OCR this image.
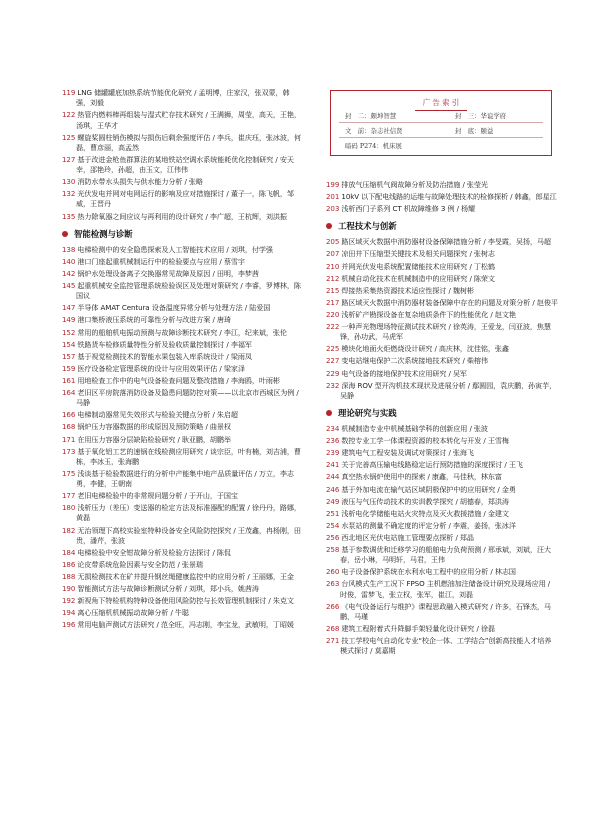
119 LNG 储罐罐底加热系统节能优化研究 / 孟明博，庄家汉，张双蒙，韩强，刘毅
122 热管内燃料棒再组装与湿式贮存技术研究 / 王满狮，周莹，高天，王艳，汤琪，王华才
125 螺旋桨圆柱销伤模拟与损伤后剩余强度评估 / 李兵，崔庆珏，张冰波，何磊，曹彦丽，高孟然
127 基于改进金枪鱼群算法的某地铁站空调水系统能耗优化控制研究 / 安天幸，邵艳玲，孙超，由玉文，江伟伟
130 消防水带水头损失与供水能力分析 / 张略
132 光伏发电并网对电网运行的影响及应对措施探讨 / 董子一，陈飞帆，邹威，王晋丹
135 热力除氧器之间应议与再利用的设计研究 / 李广超，王杭辉，刘洪振
智能检测与诊断
138 电梯检测中的安全隐患探索及人工智能技术应用 / 刘琪，付学强
140 港口门座起重机械制运行中的检验要点与应用 / 蔡雪宇
142 锅炉水处理设备离子交换器常见故障及原因 / 田明，李梦茜
145 起重机械安全监控管理系统检验误区及处理对策研究 / 李睿，罗博林，陈国议
147 半导体 AMAT Centura 设备温度异常分析与处理方法 / 陆爱国
149 港口集桥液压系统的可靠性分析与改进方案 / 唐琦
152 常用的船舶机电振动预测与故障诊断技术研究 / 李江，纪来斌，张伦
154 铁路货车检修质量特性分析及验收质量控制探讨 / 李福军
157 基于视觉检测技术的智能水果包装入库系统设计 / 梁雨凤
159 医疗设备检定管理系统的设计与应用效果评估 / 梁家泽
161 用地检查工作中的电气设备检查问题及整改措施 / 李海鸥，叶雨彬
164 老旧区平房院落消防设备及隐患问题防控对策——以北京市西城区为例 / 马静
166 电梯制动器常见失效形式与检验关键点分析 / 朱启超
168 锅炉压力容器数据的形成原因及预防策略 / 曲景权
171 在用压力容器分层缺陷检验研究 / 耿亚鹏，胡鹏举
173 基于氧化铝工艺的速锅在线检测应用研究 / 谈宗臣，叶有楠，刘吉浦，曹栋，李冰玉，张海鹏
175 浅谈基于检验数据进行的分析中产能集中地产品质量评估 / 万立，李志勇，李健，王朝南
177 老旧电梯检验中的非常规问题分析 / 于开山，于国宝
180 浅析压力（差压）变送器的检定方法及标准器配的配置 / 徐丹丹，路娜，黄磊
182 无治领理下高校实验室特种设备安全风险防控探究 / 王茂鑫，冉杨刚，田贵，潘芹，张波
184 电梯检验中安全钳故障分析及检验方法探讨 / 陈侃
186 论皮带系统危险因素与安全防范 / 张景瑞
188 无损检测技术在矿井提升钢丝绳健康监控中的应用分析 / 王丽娜，王金
190 智能测试方法与故障诊断测试分析 / 刘琪，郑小兵，姚茜涛
192 新视角下特检机构特种设备使用风险防控与长效管理机制探讨 / 朱克文
194 离心压缩机机械振动故障分析 / 牛聪
196 常用电脑声测试方法研究 / 范全旺，冯志刚，李宝龙，武敏明，丁昭媛
广 告 索 引
封　二：颇坤智慧	封　三：华谊学府
文　前：杂志社信贤	封　底：颐益
暗码 P274：机床展
199 排放气压缩机气阀故障分析及防治措施 / 张莹光
201 10kV 以下配电线路的运维与故障处理技术的检修探析 / 韩鑫，郎星江
203 浅析西门子系列 CT 机故障维修 3 例 / 杨耀
工程技术与创新
205 路区域灭火数据中消防器材设备保障措施分析 / 李旻霞，吴扬，马超
207 凉田井下压缩型关键技术及相关问题探究 / 张树志
210 并网光伏发电系统配置储能技术应用研究 / 丁松鹤
212 机械自动化技术在机械制造中的应用研究 / 陈荣文
215 焊接热采集热资源技术适应性探讨 / 魏树彬
217 路区域灭火数据中消防器材装备保障中存在的问题及对策分析 / 赵俊平
220 浅析矿产勘探设备在复杂地质条件下的性能优化 / 赵文艳
222 一种声光物理场特征测试技术研究 / 徐英涛，王爱龙，闫亚波，焦慧锋，孙功武，马虎军
225 模块化地面火炬燃烧设计研究 / 高庆林，沈佳铭，张鑫
227 变电站继电保护二次系统接地技术研究 / 柴榕伟
229 电气设备的接地保护技术应用研究 / 吴军
232 深海 ROV 型开沟机技术现状及进展分析 / 鄢圆园，袁庆鹏，孙寅芋，吴静
理论研究与实践
234 机械制造专业中机械基础学科的创新应用 / 张波
236 数控专业工学一体课程资源的校本转化与开发 / 王雪梅
239 建筑电气工程安装及调试对策探讨 / 张海飞
241 关于完善高压输电线路稳定运行预防措施的深度探讨 / 王飞
244 真空热水锅炉使用中的探索 / 康鑫，马佳秋，林东富
246 基于外加电流在输气站区域阴极保护中的应用研究 / 金勇
249 液压与气压传动技术的实训教学探究 / 胡德春，郑洪涛
251 浅析电化学储能电站火灾特点及灭火救援措施 / 金建文
254 水泵站的测量不确定度的评定分析 / 李震，姜扬，张冰洋
256 西北地区光伏电站施工管理要点探析 / 郑晶
258 基于参数调优和迁移学习的船舶电力负荷预测 / 邢承斌，刘斌，汪大春，岳小琳，马明轩，马君，王伟
260 电子设备保护系统在水利水电工程中的应用分析 / 林志国
263 台风模式生产工况下 FPSO 主机燃油加注储备设计研究及现场应用 / 时俊，雷梦飞，张立权，张军，崔江，刘磊
266 《电气设备运行与维护》课程思政融入模式研究 / 许多，石锋杰，马鹏，马瑾
268 建筑工程附着式升降脚手架轻量化设计研究 / 徐磊
271 技工学校电气自动化专业“校企一体、工学结合”创新高技能人才培养模式探讨 / 莫嘉期
